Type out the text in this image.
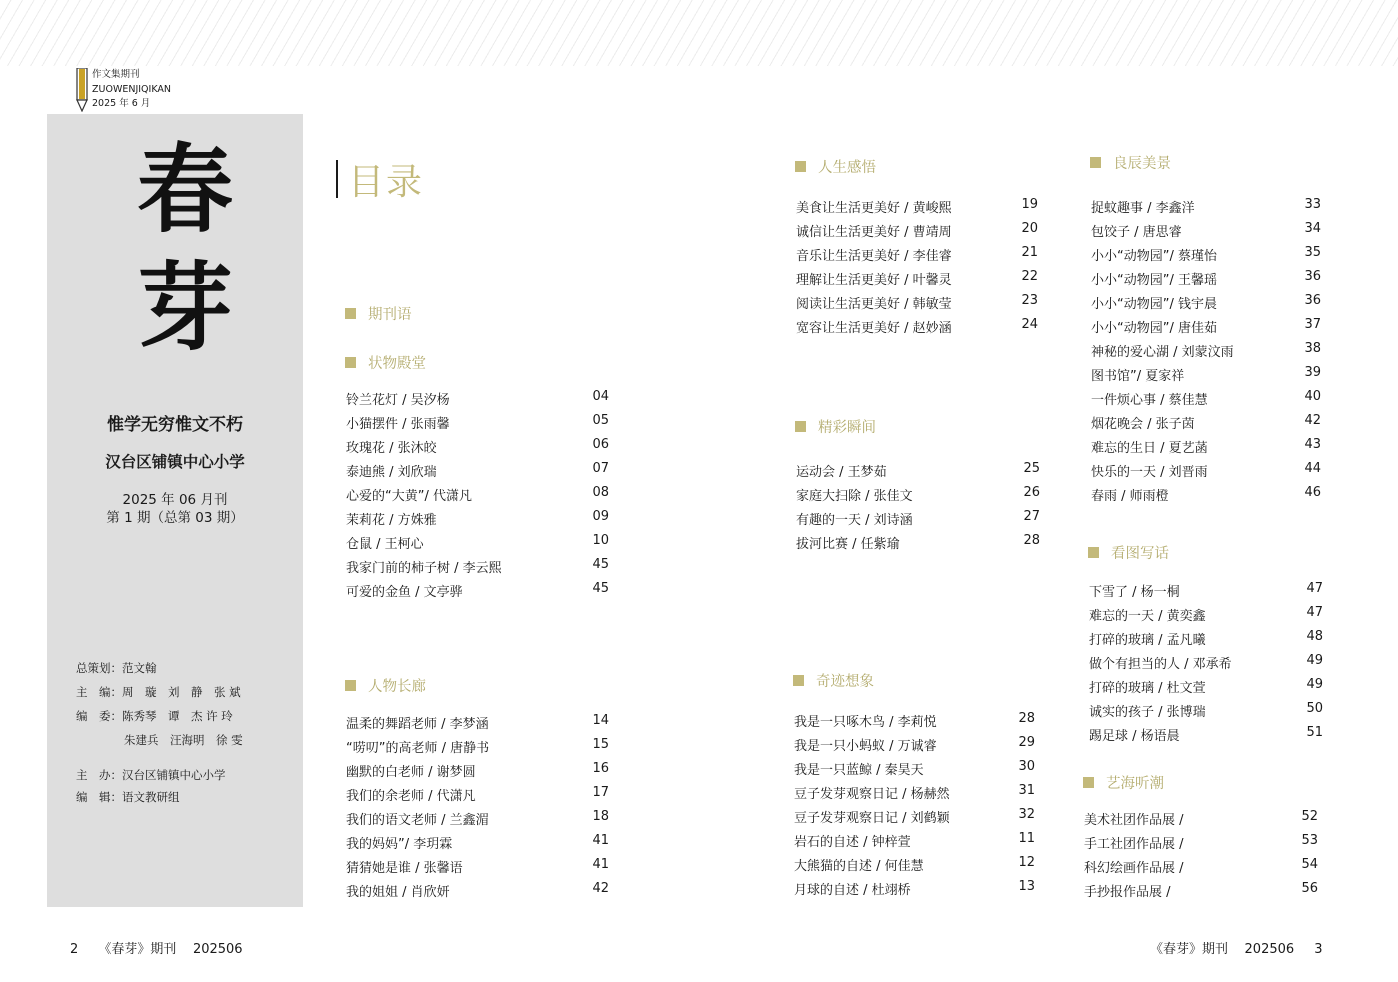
作文集期刊
ZUOWENJIQIKAN
2025 年 6 月
春
芽
惟学无穷惟文不朽
汉台区铺镇中心小学
2025 年 06 月刊
第 1 期（总第 03 期）
总策划：范文翰
主　编：周　璇　刘　静　张 斌
编　委：陈秀琴　谭　杰 许 玲
朱建兵　汪海明　徐 雯
主　办：汉台区铺镇中心小学
编　辑：语文教研组
目录
期刊语
状物殿堂
铃兰花灯 / 吴汐杨	04
小猫摆件 / 张雨馨	05
玫瑰花 / 张沐皎	06
泰迪熊 / 刘欣瑞	07
心爱的“大黄”/ 代潇凡	08
茉莉花 / 方姝雅	09
仓鼠 / 王柯心	10
我家门前的柿子树 / 李云熙	45
可爱的金鱼 / 文亭骅	45
人物长廊
温柔的舞蹈老师 / 李梦涵	14
“唠叨”的高老师 / 唐静书	15
幽默的白老师 / 谢梦圆	16
我们的余老师 / 代潇凡	17
我们的语文老师 / 兰鑫湄	18
我的妈妈”/ 李玥霖	41
猜猜她是谁 / 张馨语	41
我的姐姐 / 肖欣妍	42
人生感悟
美食让生活更美好 / 黄峻熙	19
诚信让生活更美好 / 曹靖周	20
音乐让生活更美好 / 李佳睿	21
理解让生活更美好 / 叶馨灵	22
阅读让生活更美好 / 韩敏莹	23
宽容让生活更美好 / 赵妙涵	24
精彩瞬间
运动会 / 王梦茹	25
家庭大扫除 / 张佳文	26
有趣的一天 / 刘诗涵	27
拔河比赛 / 任紫瑜	28
奇迹想象
我是一只啄木鸟 / 李莉悦	28
我是一只小蚂蚁 / 万诚睿	29
我是一只蓝鲸 / 秦昊天	30
豆子发芽观察日记 / 杨赫然	31
豆子发芽观察日记 / 刘鹤颖	32
岩石的自述 / 钟梓萱	11
大熊猫的自述 / 何佳慧	12
月球的自述 / 杜翊桥	13
良辰美景
捉蚊趣事 / 李鑫洋	33
包饺子 / 唐思睿	34
小小“动物园”/ 蔡瑾怡	35
小小“动物园”/ 王馨瑶	36
小小“动物园”/ 钱宇晨	36
小小“动物园”/ 唐佳茹	37
神秘的爱心湖 / 刘蒙汶雨	38
图书馆”/ 夏家祥	39
一件烦心事 / 蔡佳慧	40
烟花晚会 / 张子茵	42
难忘的生日 / 夏艺菡	43
快乐的一天 / 刘晋雨	44
春雨 / 师雨橙	46
看图写话
下雪了 / 杨一桐	47
难忘的一天 / 黄奕鑫	47
打碎的玻璃 / 孟凡曦	48
做个有担当的人 / 邓承希	49
打碎的玻璃 / 杜文萱	49
诚实的孩子 / 张博瑞	50
踢足球 / 杨语晨	51
艺海听潮
美术社团作品展 /	52
手工社团作品展 /	53
科幻绘画作品展 /	54
手抄报作品展 /	56
2 《春芽》期刊    202506	《春芽》期刊    202506 3
